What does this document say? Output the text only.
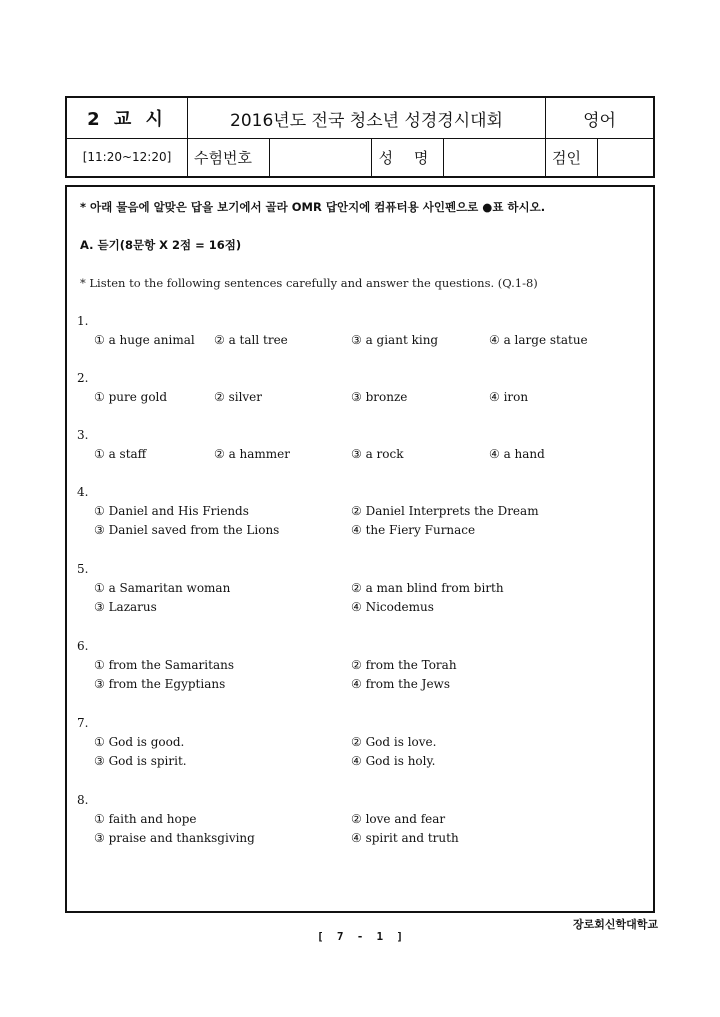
2 교 시	2016년도 전국 청소년 성경경시대회	영어
[11:20~12:20]	수험번호	성 명	검인
* 아래 물음에 알맞은 답을 보기에서 골라 OMR 답안지에 컴퓨터용 사인펜으로 ●표 하시오.
A. 듣기(8문항 X 2점 = 16점)
* Listen to the following sentences carefully and answer the questions. (Q.1-8)
1.
① a huge animal ② a tall tree	③ a giant king	④ a large statue
2.
① pure gold	② silver	③ bronze	④ iron
3.
① a staff	② a hammer	③ a rock	④ a hand
4.
① Daniel and His Friends	② Daniel Interprets the Dream
③ Daniel saved from the Lions	④ the Fiery Furnace
5.
① a Samaritan woman	② a man blind from birth
③ Lazarus	④ Nicodemus
6.
① from the Samaritans	② from the Torah
③ from the Egyptians	④ from the Jews
7.
① God is good.	② God is love.
③ God is spirit.	④ God is holy.
8.
① faith and hope	② love and fear
③ praise and thanksgiving	④ spirit and truth
장로회신학대학교
[  7  -  1  ]
